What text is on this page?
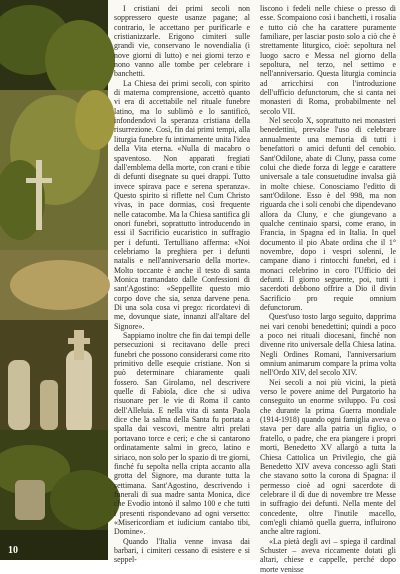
10

I cristiani dei primi secoli non soppressero queste usanze pagane; al contrario, le accettano per purificarle e cristianizzarle. Erigono cimiteri sulle grandi vie, conservano le novendialia (i nove giorni di lutto) e nei giorni terzo e nono vanno alle tombe per celebrare i banchetti.

La Chiesa dei primi secoli, con spirito di materna comprensione, accettò quanto vi era di accettabile nel rituale funebre latino, ma lo sublimò e lo santificò, infondendovi la speranza cristiana della risurrezione. Così, fin dai primi tempi, alla liturgia funebre fu intimamente unita l'idea della Vita eterna. «Nulla di macabro o spaventoso. Non apparati fregiati dall'emblema della morte, con crani e tibie di defunti disegnate su quei drappi. Tutto invece spirava pace e serena speranza». Questo spirito si riflette nel Cum Christo vivas, in pace dormias, così frequente nelle catacombe. Ma la Chiesa santifica gli onori funebri, soprattutto introducendo in essi il Sacrificio eucaristico in suffragio per i defunti. Tertulliano afferma: «Noi celebriamo la preghiera per i defunti natalis e nell'anniversario della morte». Molto toccante è anche il testo di santa Monica tramandato dalle Confessioni di sant'Agostino: «Seppellite questo mio corpo dove che sia, senza darvene pena. Di una sola cosa vi prego: ricordatevi di me, dovunque siate, innanzi all'altare del Signore».

Sappiamo inoltre che fin dai tempi delle persecuzioni si recitavano delle preci funebri che possono considerarsi come rito primitivo delle esequie cristiane. Non si può determinare chiaramente quali fossero. San Girolamo, nel descrivere quelle di Fabiola, dice che si udiva risuonare per le vie di Roma il canto dell'Alleluia. E nella vita di santa Paola dice che la salma della Santa fu portata a spalla dai vescovi, mentre altri prelati portavano torce e ceri; e che si cantarono ordinatamente salmi in greco, latino e siriaco, non solo per lo spazio di tre giorni, finché fu sepolta nella cripta accanto alla grotta del Signore, ma durante tutta la settimana. Sant'Agostino, descrivendo i funerali di sua madre santa Monica, dice che Evodio intonò il salmo 100 e che tutti i presenti rispondevano ad ogni versetto: «Misericordiam et iudicium cantabo tibi, Domine».

Quando l'Italia venne invasa dai barbari, i cimiteri cessano di esistere e si seppel-

liscono i fedeli nelle chiese o presso di esse. Scompaiono così i banchetti, i rosalia e tutto ciò che ha carattere puramente familiare, per lasciar posto solo a ciò che è strettamente liturgico, cioè: sepoltura nel luogo sacro e Messa nel giorno della sepoltura, nel terzo, nel settimo e nell'anniversario. Questa liturgia comincia ad arricchirsi con l'introduzione dell'ufficio defunctorum, che si canta nei monasteri di Roma, probabilmente nel secolo VII.

Nel secolo X, soprattutto nei monasteri benedettini, prevalse l'uso di celebrare annualmente una memoria di tutti i benefattori o amici defunti del cenobio. Sant'Odilone, abate di Cluny, passa come colui che diede forza di legge e carattere universale a tale consuetudine invalsa già in molte chiese. Conosciamo l'editto di sant'Odilone. Esso è del 998, ma non riguarda che i soli cenobi che dipendevano allora da Cluny, e che giungevano a qualche centinaio sparsi, come erano, in Francia, in Spagna ed in Italia. In quel documento il pio Abate ordina che il 1° novembre, dopo i vespri solenni, le campane diano i rintocchi funebri, ed i monaci celebrino in coro l'Ufficio dei defunti. Il giorno seguente, poi, tutti i sacerdoti debbono offrire a Dio il divin Sacrificio pro requie omnium defunctorum.

Quest'uso tosto largo seguito, dapprima nei vari cenobi benedettini; quindi a poco a poco nei rituali diocesani, finché non divenne rito universale della Chiesa latina. Negli Ordines Romani, l'anniversarium omnium animarum compare la prima volta nell'Ordo XIV, del secolo XIV.

Nei secoli a noi più vicini, la pietà verso le povere anime del Purgatorio ha conseguito un enorme sviluppo. Fu così che durante la prima Guerra mondiale (1914-1918) quando ogni famiglia aveva o stava per dare alla patria un figlio, o fratello, o padre, che era piangere i propri morti, Benedetto XV allargò a tutta la Chiesa Cattolica un Privilegio, che già Benedetto XIV aveva concesso agli Stati che stavano sotto la corona di Spagna: il permesso cioè ad ogni sacerdote di celebrare il dì due di novembre tre Messe in suffragio dei defunti. Nella mente del concedente, oltre l'inutile macello, com'egli chiamò quella guerra, influirono anche altre ragioni.

«La pietà degli avi – spiega il cardinal Schuster – aveva riccamente dotati gli altari, chiese e cappelle, perché dopo morte venisse
